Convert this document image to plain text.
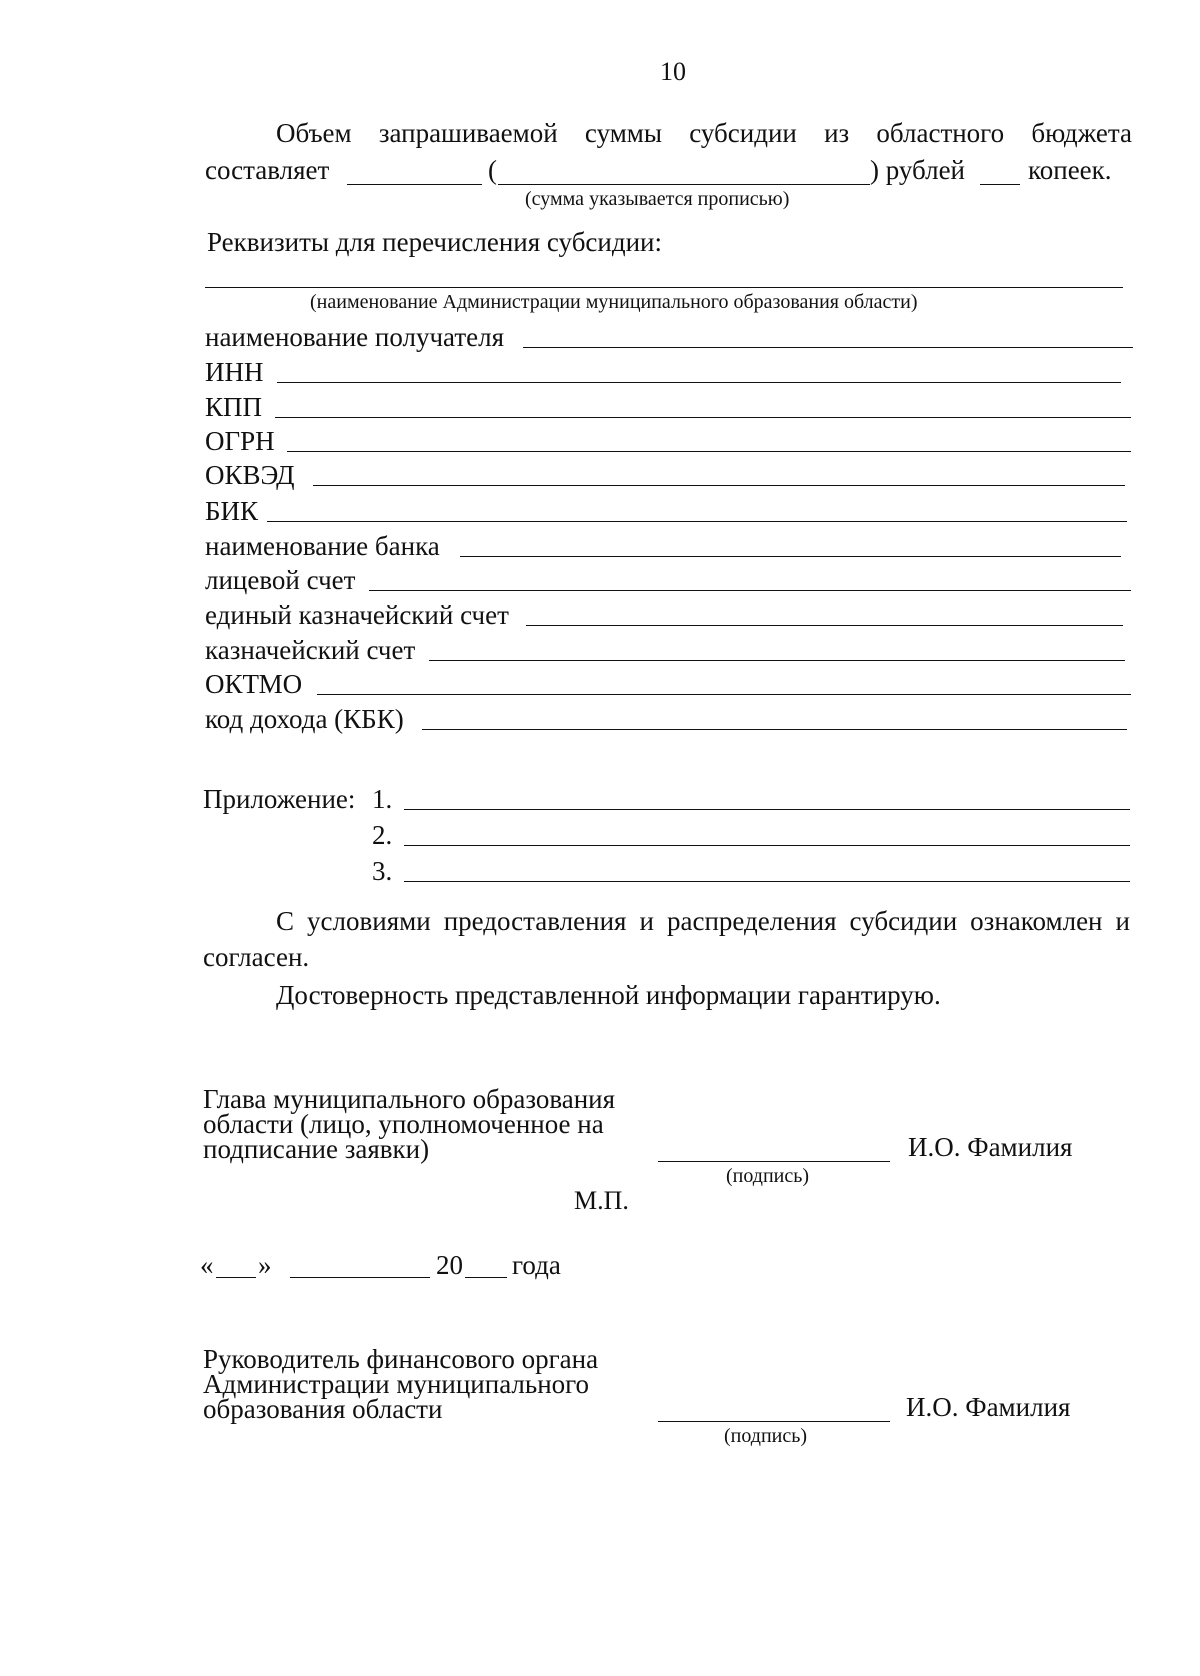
10
Объем запрашиваемой суммы субсидии из областного бюджета
составляет	(	) рублей копеек.
(сумма указывается прописью)
Реквизиты для перечисления субсидии:
(наименование Администрации муниципального образования области)
наименование получателя
ИНН
КПП
ОГРН
ОКВЭД
БИК
наименование банка
лицевой счет
единый казначейский счет
казначейский счет
ОКТМО
код дохода (КБК)
Приложение: 1.
2.
3.
С условиями предоставления и распределения субсидии ознакомлен и
согласен.
Достоверность представленной информации гарантирую.
Глава муниципального образования
области (лицо, уполномоченное на
подписание заявки)	И.О. Фамилия
(подпись)
М.П.
« »	20 года
Руководитель финансового органа
Администрации муниципального
образования области	И.О. Фамилия
(подпись)
